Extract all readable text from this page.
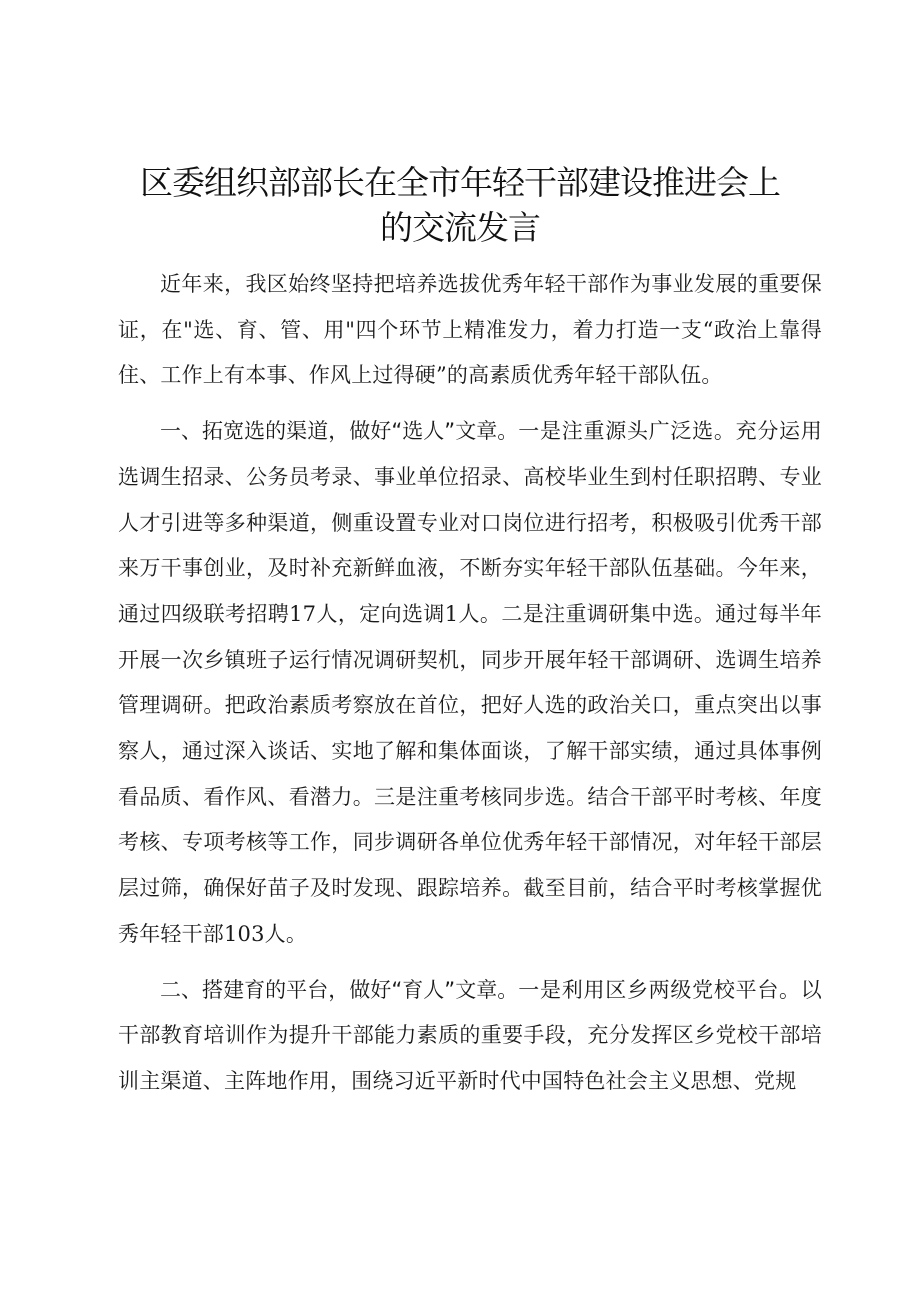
区委组织部部长在全市年轻干部建设推进会上
的交流发言

近年来，我区始终坚持把培养选拔优秀年轻干部作为事业发展的重要保证，在"选、育、管、用"四个环节上精准发力，着力打造一支“政治上靠得住、工作上有本事、作风上过得硬”的高素质优秀年轻干部队伍。

一、拓宽选的渠道，做好“选人”文章。一是注重源头广泛选。充分运用选调生招录、公务员考录、事业单位招录、高校毕业生到村任职招聘、专业人才引进等多种渠道，侧重设置专业对口岗位进行招考，积极吸引优秀干部来万干事创业，及时补充新鲜血液，不断夯实年轻干部队伍基础。今年来，通过四级联考招聘17人，定向选调1人。二是注重调研集中选。通过每半年开展一次乡镇班子运行情况调研契机，同步开展年轻干部调研、选调生培养管理调研。把政治素质考察放在首位，把好人选的政治关口，重点突出以事察人，通过深入谈话、实地了解和集体面谈，了解干部实绩，通过具体事例看品质、看作风、看潜力。三是注重考核同步选。结合干部平时考核、年度考核、专项考核等工作，同步调研各单位优秀年轻干部情况，对年轻干部层层过筛，确保好苗子及时发现、跟踪培养。截至目前，结合平时考核掌握优秀年轻干部103人。

二、搭建育的平台，做好“育人”文章。一是利用区乡两级党校平台。以干部教育培训作为提升干部能力素质的重要手段，充分发挥区乡党校干部培训主渠道、主阵地作用，围绕习近平新时代中国特色社会主义思想、党规
